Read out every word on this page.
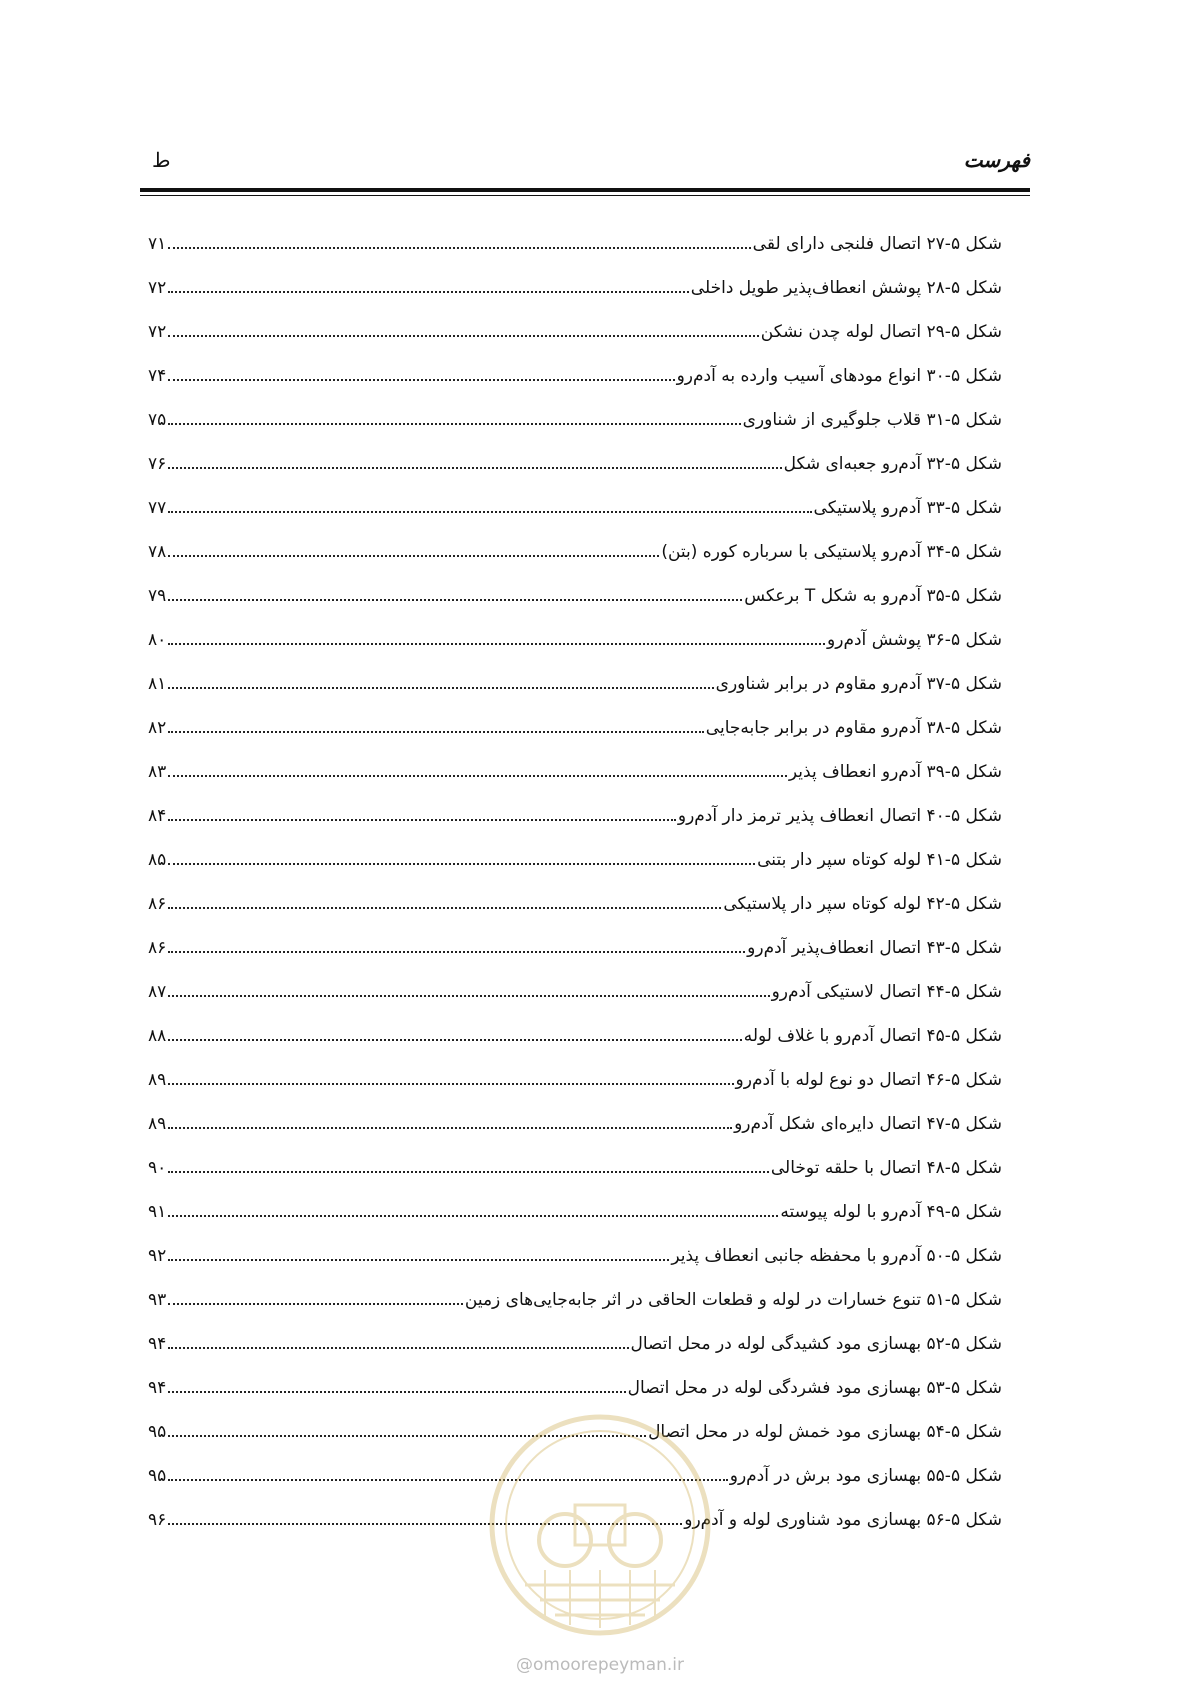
فهرست
ط
شکل ۵-۲۷ اتصال فلنجی دارای لقی
۷۱
شکل ۵-۲۸ پوشش انعطاف‌پذیر طویل داخلی
۷۲
شکل ۵-۲۹ اتصال لوله چدن نشکن
۷۲
شکل ۵-۳۰ انواع مودهای آسیب وارده به آدم‌رو
۷۴
شکل ۵-۳۱ قلاب جلوگیری از شناوری
۷۵
شکل ۵-۳۲ آدم‌رو جعبه‌ای شکل
۷۶
شکل ۵-۳۳ آدم‌رو پلاستیکی
۷۷
شکل ۵-۳۴ آدم‌رو پلاستیکی با سرباره کوره (بتن)
۷۸
شکل ۵-۳۵ آدم‌رو به شکل T برعکس
۷۹
شکل ۵-۳۶ پوشش آدم‌رو
۸۰
شکل ۵-۳۷ آدم‌رو مقاوم در برابر شناوری
۸۱
شکل ۵-۳۸ آدم‌رو مقاوم در برابر جابه‌جایی
۸۲
شکل ۵-۳۹ آدم‌رو انعطاف پذیر
۸۳
شکل ۵-۴۰ اتصال انعطاف پذیر ترمز دار آدم‌رو
۸۴
شکل ۵-۴۱ لوله کوتاه سپر دار بتنی
۸۵
شکل ۵-۴۲ لوله کوتاه سپر دار پلاستیکی
۸۶
شکل ۵-۴۳ اتصال انعطاف‌پذیر آدم‌رو
۸۶
شکل ۵-۴۴ اتصال لاستیکی آدم‌رو
۸۷
شکل ۵-۴۵ اتصال آدم‌رو با غلاف لوله
۸۸
شکل ۵-۴۶ اتصال دو نوع لوله با آدم‌رو
۸۹
شکل ۵-۴۷ اتصال دایره‌ای شکل آدم‌رو
۸۹
شکل ۵-۴۸ اتصال با حلقه توخالی
۹۰
شکل ۵-۴۹ آدم‌رو با لوله پیوسته
۹۱
شکل ۵-۵۰ آدم‌رو با محفظه جانبی انعطاف پذیر
۹۲
شکل ۵-۵۱ تنوع خسارات در لوله و قطعات الحاقی در اثر جابه‌جایی‌های زمین
۹۳
شکل ۵-۵۲ بهسازی مود کشیدگی لوله در محل اتصال
۹۴
شکل ۵-۵۳ بهسازی مود فشردگی لوله در محل اتصال
۹۴
شکل ۵-۵۴ بهسازی مود خمش لوله در محل اتصال
۹۵
شکل ۵-۵۵ بهسازی مود برش در آدم‌رو
۹۵
شکل ۵-۵۶ بهسازی مود شناوری لوله و آدم‌رو
۹۶
@omoorepeyman.ir
